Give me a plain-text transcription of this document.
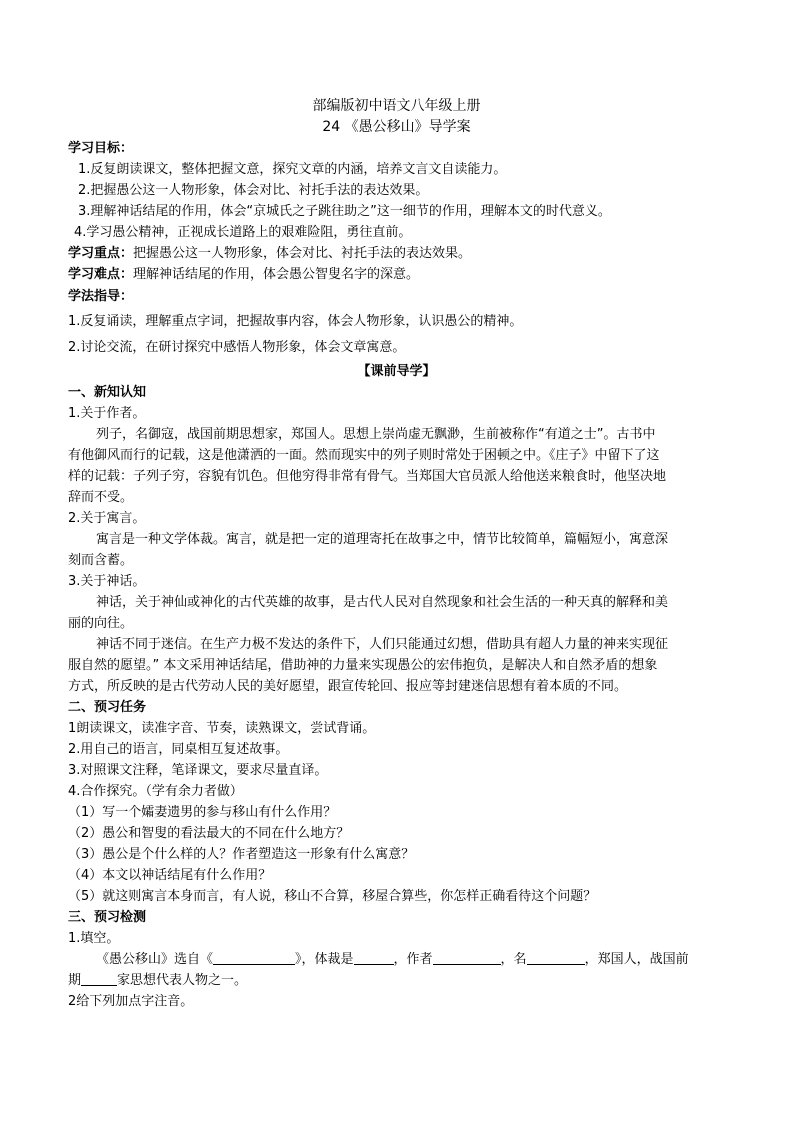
部编版初中语文八年级上册
24 《愚公移山》导学案
学习目标：
1.反复朗读课文，整体把握文意，探究文章的内涵，培养文言文自读能力。
2.把握愚公这一人物形象，体会对比、衬托手法的表达效果。
3.理解神话结尾的作用，体会“京城氏之子跳往助之”这一细节的作用，理解本文的时代意义。
4.学习愚公精神，正视成长道路上的艰难险阻，勇往直前。
学习重点：把握愚公这一人物形象，体会对比、衬托手法的表达效果。
学习难点：理解神话结尾的作用，体会愚公智叟名字的深意。
学法指导：
1.反复诵读，理解重点字词，把握故事内容，体会人物形象，认识愚公的精神。
2.讨论交流，在研讨探究中感悟人物形象，体会文章寓意。
【课前导学】
一、新知认知
1.关于作者。
列子，名御寇，战国前期思想家，郑国人。思想上崇尚虚无飘渺，生前被称作“有道之士”。古书中
有他御风而行的记载，这是他潇洒的一面。然而现实中的列子则时常处于困顿之中。《庄子》中留下了这
样的记载：子列子穷，容貌有饥色。但他穷得非常有骨气。当郑国大官员派人给他送来粮食时，他坚决地
辞而不受。
2.关于寓言。
寓言是一种文学体裁。寓言，就是把一定的道理寄托在故事之中，情节比较简单，篇幅短小，寓意深
刻而含蓄。
3.关于神话。
神话，关于神仙或神化的古代英雄的故事，是古代人民对自然现象和社会生活的一种天真的解释和美
丽的向往。
神话不同于迷信。在生产力极不发达的条件下，人们只能通过幻想，借助具有超人力量的神来实现征
服自然的愿望。” 本文采用神话结尾，借助神的力量来实现愚公的宏伟抱负，是解决人和自然矛盾的想象
方式，所反映的是古代劳动人民的美好愿望，跟宣传轮回、报应等封建迷信思想有着本质的不同。
二、预习任务
1朗读课文，读准字音、节奏，读熟课文，尝试背诵。
2.用自己的语言，同桌相互复述故事。
3.对照课文注释，笔译课文，要求尽量直译。
4.合作探究。（学有余力者做）
（1）写一个孀妻遗男的参与移山有什么作用？
（2）愚公和智叟的看法最大的不同在什么地方？
（3）愚公是个什么样的人？作者塑造这一形象有什么寓意？
（4）本文以神话结尾有什么作用？
（5）就这则寓言本身而言，有人说，移山不合算，移屋合算些，你怎样正确看待这个问题？
三、预习检测
1.填空。
《愚公移山》选自《	》，体裁是	，作者	，名	，郑国人，战国前
期	家思想代表人物之一。
2给下列加点字注音。
